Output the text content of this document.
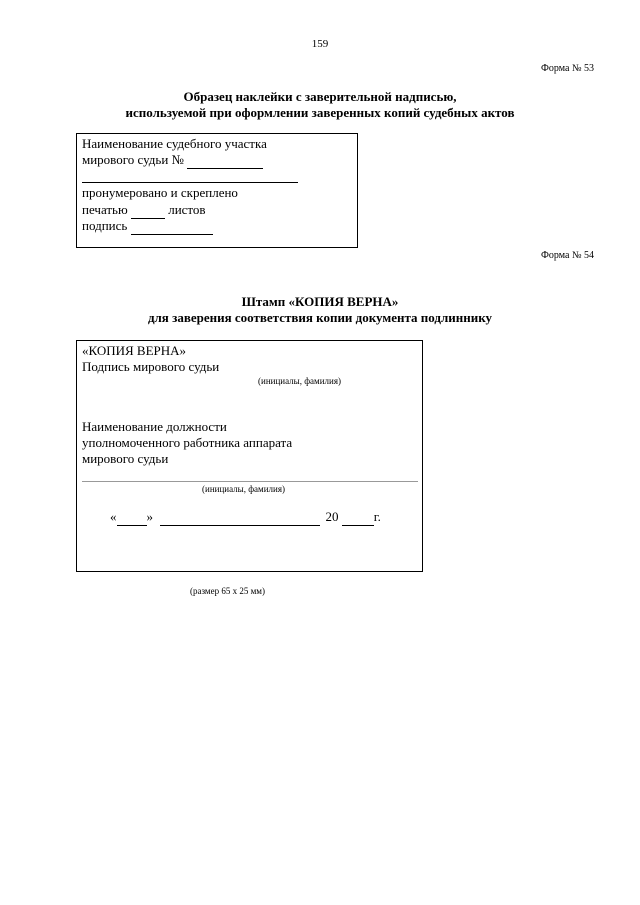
159
Форма № 53
Образец наклейки с заверительной надписью,
используемой при оформлении заверенных копий судебных актов
Наименование судебного участка
мирового судьи №
пронумеровано и скреплено
печатью	листов
подпись
Форма № 54
Штамп «КОПИЯ ВЕРНА»
для заверения соответствия копии документа подлиннику
«КОПИЯ ВЕРНА»
Подпись мирового судьи
(инициалы, фамилия)
Наименование должности
уполномоченного работника аппарата
мирового судьи
(инициалы, фамилия)
« »	20	г.
(размер 65 х 25 мм)
